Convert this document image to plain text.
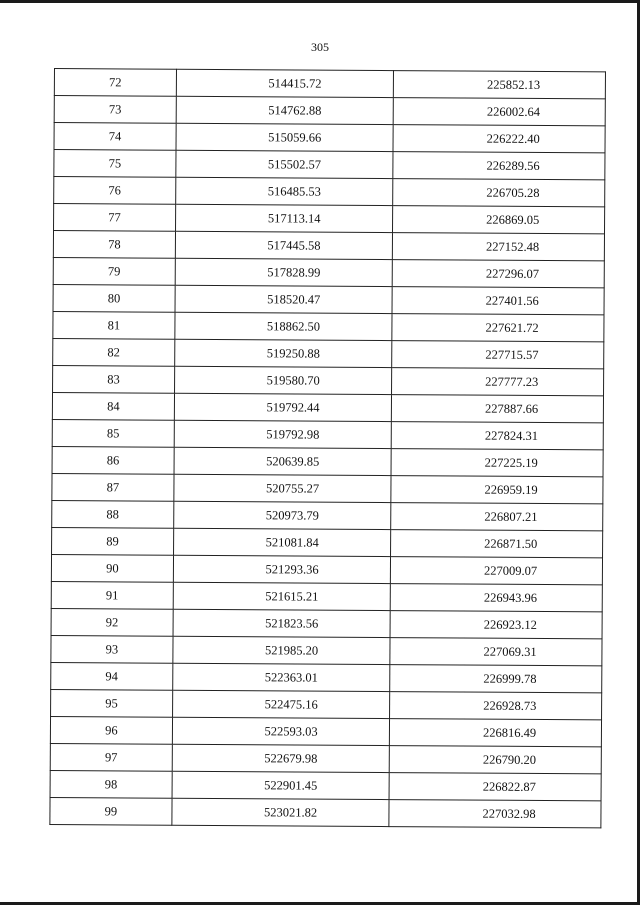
305
72	514415.72	225852.13
73	514762.88	226002.64
74	515059.66	226222.40
75	515502.57	226289.56
76	516485.53	226705.28
77	517113.14	226869.05
78	517445.58	227152.48
79	517828.99	227296.07
80	518520.47	227401.56
81	518862.50	227621.72
82	519250.88	227715.57
83	519580.70	227777.23
84	519792.44	227887.66
85	519792.98	227824.31
86	520639.85	227225.19
87	520755.27	226959.19
88	520973.79	226807.21
89	521081.84	226871.50
90	521293.36	227009.07
91	521615.21	226943.96
92	521823.56	226923.12
93	521985.20	227069.31
94	522363.01	226999.78
95	522475.16	226928.73
96	522593.03	226816.49
97	522679.98	226790.20
98	522901.45	226822.87
99	523021.82	227032.98
